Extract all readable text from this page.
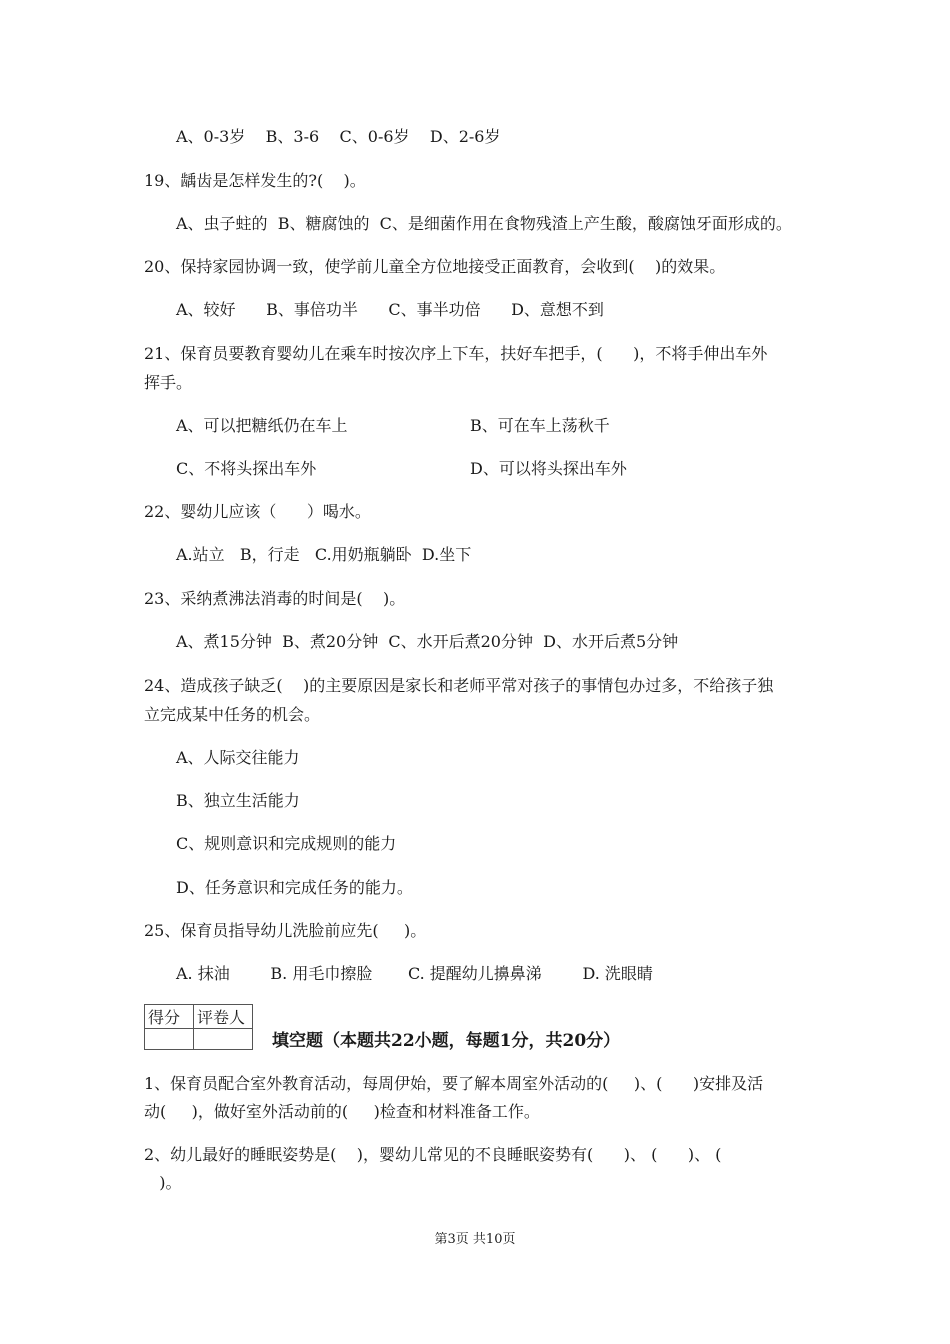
A、0-3岁    B、3-6    C、0-6岁    D、2-6岁
19、龋齿是怎样发生的?(    )。
A、虫子蛀的  B、糖腐蚀的  C、是细菌作用在食物残渣上产生酸，酸腐蚀牙面形成的。
20、保持家园协调一致，使学前儿童全方位地接受正面教育，会收到(    )的效果。
A、较好      B、事倍功半      C、事半功倍      D、意想不到
21、保育员要教育婴幼儿在乘车时按次序上下车，扶好车把手，(      )，不将手伸出车外
挥手。
A、可以把糖纸仍在车上	B、可在车上荡秋千
C、不将头探出车外	D、可以将头探出车外
22、婴幼儿应该（      ）喝水。
A.站立   B，行走   C.用奶瓶躺卧  D.坐下
23、采纳煮沸法消毒的时间是(    )。
A、煮15分钟  B、煮20分钟  C、水开后煮20分钟  D、水开后煮5分钟
24、造成孩子缺乏(    )的主要原因是家长和老师平常对孩子的事情包办过多，不给孩子独
立完成某中任务的机会。
A、人际交往能力
B、独立生活能力
C、规则意识和完成规则的能力
D、任务意识和完成任务的能力。
25、保育员指导幼儿洗脸前应先(     )。
A. 抹油        B. 用毛巾擦脸       C. 提醒幼儿擤鼻涕        D. 洗眼睛
得分	评卷人

填空题（本题共22小题，每题1分，共20分）
1、保育员配合室外教育活动，每周伊始，要了解本周室外活动的(     )、(      )安排及活
动(     )，做好室外活动前的(     )检查和材料准备工作。
2、幼儿最好的睡眠姿势是(    )，婴幼儿常见的不良睡眠姿势有(      )、 (      )、 (
)。
第3页 共10页
